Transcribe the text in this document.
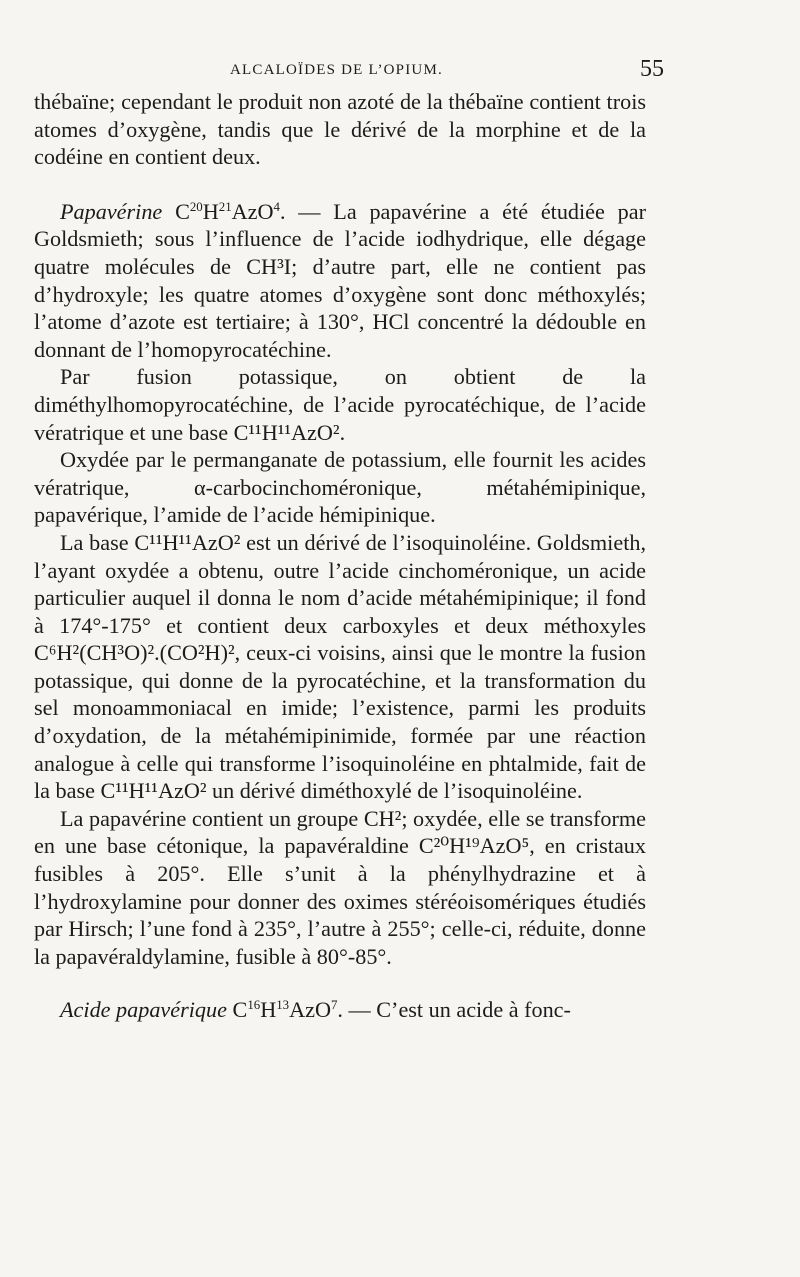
ALCALOÏDES DE L’OPIUM.	55

thébaïne; cependant le produit non azoté de la thébaïne contient trois atomes d’oxygène, tandis que le dérivé de la morphine et de la codéine en contient deux.

Papavérine $C^{20}H^{21}AzO^4$. — La papavérine a été étudiée par Goldsmieth; sous l’influence de l’acide iodhydrique, elle dégage quatre molécules de CH³I; d’autre part, elle ne contient pas d’hydroxyle; les quatre atomes d’oxygène sont donc méthoxylés; l’atome d’azote est tertiaire; à 130°, HCl concentré la dédouble en donnant de l’homopyrocatéchine.

Par fusion potassique, on obtient de la diméthylhomopyrocatéchine, de l’acide pyrocatéchique, de l’acide vératrique et une base C¹¹H¹¹AzO².

Oxydée par le permanganate de potassium, elle fournit les acides vératrique, α-carbocinchoméronique, métahémipinique, papavérique, l’amide de l’acide hémipinique.

La base C¹¹H¹¹AzO² est un dérivé de l’isoquinoléine. Goldsmieth, l’ayant oxydée a obtenu, outre l’acide cinchoméronique, un acide particulier auquel il donna le nom d’acide métahémipinique; il fond à 174°-175° et contient deux carboxyles et deux méthoxyles C⁶H²(CH³O)².(CO²H)², ceux-ci voisins, ainsi que le montre la fusion potassique, qui donne de la pyrocatéchine, et la transformation du sel monoammoniacal en imide; l’existence, parmi les produits d’oxydation, de la métahémipinimide, formée par une réaction analogue à celle qui transforme l’isoquinoléine en phtalmide, fait de la base C¹¹H¹¹AzO² un dérivé diméthoxylé de l’isoquinoléine.

La papavérine contient un groupe CH²; oxydée, elle se transforme en une base cétonique, la papavéraldine C²⁰H¹⁹AzO⁵, en cristaux fusibles à 205°. Elle s’unit à la phénylhydrazine et à l’hydroxylamine pour donner des oximes stéréoisomériques étudiés par Hirsch; l’une fond à 235°, l’autre à 255°; celle-ci, réduite, donne la papavéraldylamine, fusible à 80°-85°.

Acide papavérique $C^{16}H^{13}AzO^7$. — C’est un acide à fonc-
